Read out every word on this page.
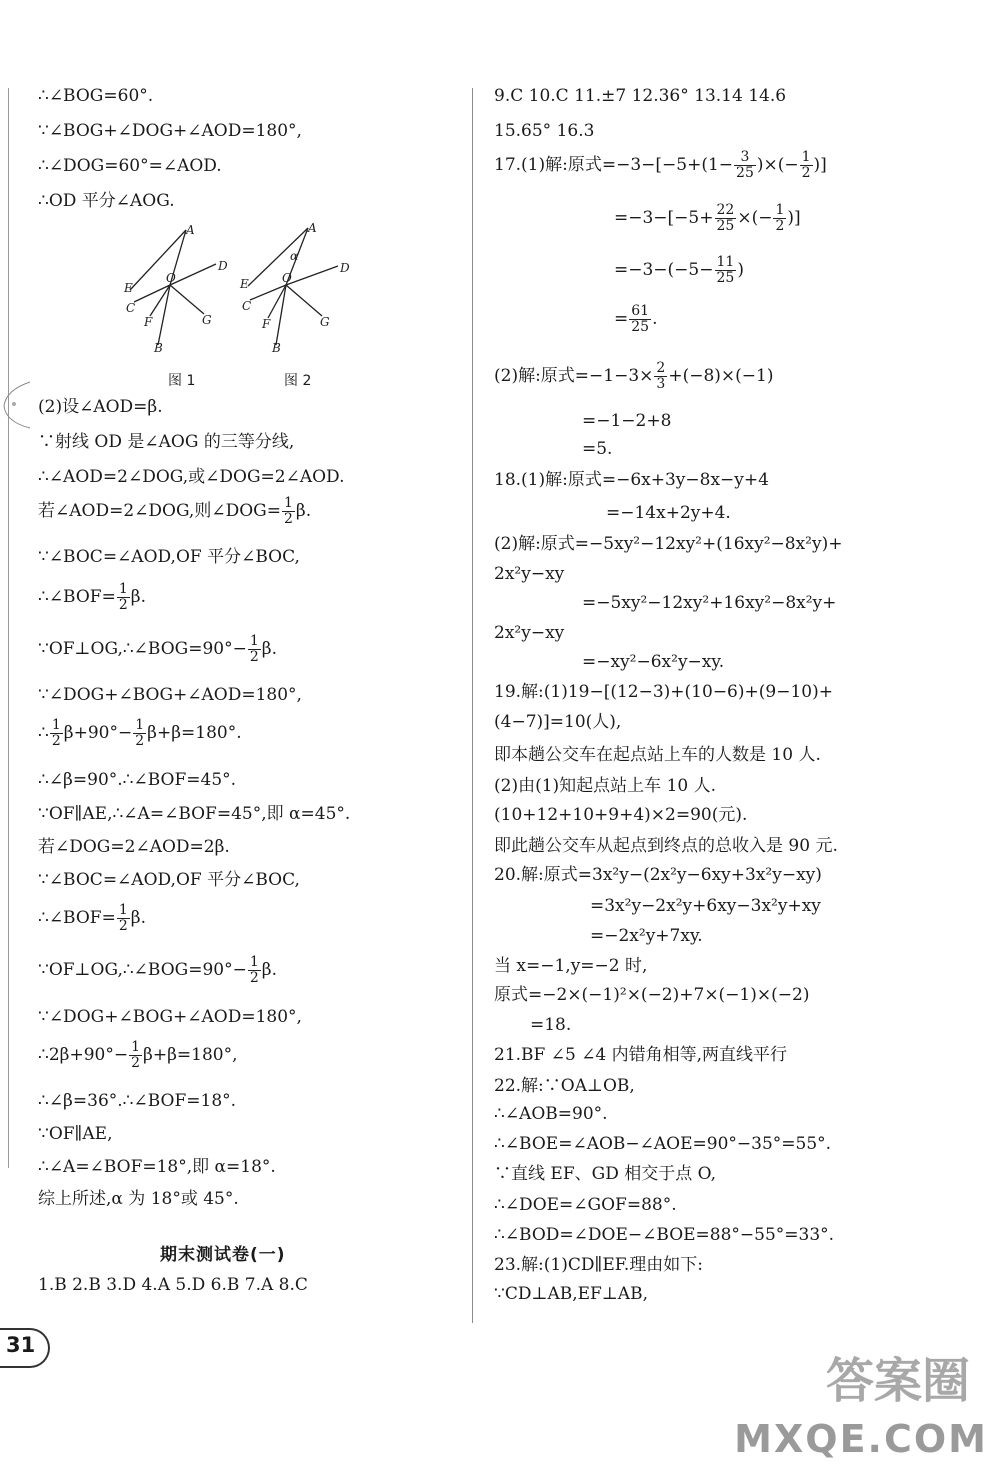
∴∠BOG=60°.
∵∠BOG+∠DOG+∠AOD=180°,
∴∠DOG=60°=∠AOD.
∴OD 平分∠AOG.
(2)设∠AOD=β.
∵射线 OD 是∠AOG 的三等分线,
∴∠AOD=2∠DOG,或∠DOG=2∠AOD.
若∠AOD=2∠DOG,则∠DOG= $\frac{1}{2} \beta$.
∵∠BOC=∠AOD,OF 平分∠BOC,
∴∠BOF= $\frac{1}{2} \beta$.
∵OF⊥OG,∴∠BOG=90°− $\frac{1}{2} \beta$.
∵∠DOG+∠BOG+∠AOD=180°,
∴ $\frac{1}{2} \beta+90^\circ- \frac{1}{2} \beta+\beta=180^\circ$.
∴∠β=90°.∴∠BOF=45°.
∵OF∥AE,∴∠A=∠BOF=45°,即 α=45°.
若∠DOG=2∠AOD=2β.
∵∠BOC=∠AOD,OF 平分∠BOC,
∴∠BOF= $\frac{1}{2} \beta$.
∵OF⊥OG,∴∠BOG=90°− $\frac{1}{2} \beta$.
∵∠DOG+∠BOG+∠AOD=180°,
∴2β+90°− $\frac{1}{2} \beta+\beta=180^\circ$,
∴∠β=36°.∴∠BOF=18°.
∵OF∥AE,
∴∠A=∠BOF=18°,即 α=18°.
综上所述,α 为 18°或 45°.
1.B 2.B 3.D 4.A 5.D 6.B 7.A 8.C
9.C 10.C 11.±7 12.36° 13.14 14.6
15.65° 16.3
17.(1)解:原式$=-3-[-5+(1- \frac{3}{25}$ )×(− $\frac{1}{2}$ )]
$=-3-[-5+ \frac{22}{25}$ ×(− $\frac{1}{2}$ )]
$=-3-(-5- \frac{11}{25}$ )
= $\frac{61}{25}$ .
(2)解:原式$=-1-3\times \frac{2}{3} +(-8)\times(-1)$
=−1−2+8
=5.
18.(1)解:原式=−6x+3y−8x−y+4
=−14x+2y+4.
(2)解:原式=−5xy²−12xy²+(16xy²−8x²y)+
2x²y−xy
=−5xy²−12xy²+16xy²−8x²y+
2x²y−xy
=−xy²−6x²y−xy.
19.解:(1)19−[(12−3)+(10−6)+(9−10)+
(4−7)]=10(人),
即本趟公交车在起点站上车的人数是 10 人.
(2)由(1)知起点站上车 10 人.
(10+12+10+9+4)×2=90(元).
即此趟公交车从起点到终点的总收入是 90 元.
20.解:原式=3x²y−(2x²y−6xy+3x²y−xy)
=3x²y−2x²y+6xy−3x²y+xy
=−2x²y+7xy.
当 x=−1,y=−2 时,
原式=−2×(−1)²×(−2)+7×(−1)×(−2)
=18.
21.BF ∠5 ∠4 内错角相等,两直线平行
22.解:∵OA⊥OB,
∴∠AOB=90°.
∴∠BOE=∠AOB−∠AOE=90°−35°=55°.
∵直线 EF、GD 相交于点 O,
∴∠DOE=∠GOF=88°.
∴∠BOD=∠DOE−∠BOE=88°−55°=33°.
23.解:(1)CD∥EF.理由如下:
∵CD⊥AB,EF⊥AB,
A
D
E
O
C
F	G
B
A
α
D
E	O
C
F	G
B
图 1	图 2
期末测试卷(一)
31
答案圈
MXQE.COM
